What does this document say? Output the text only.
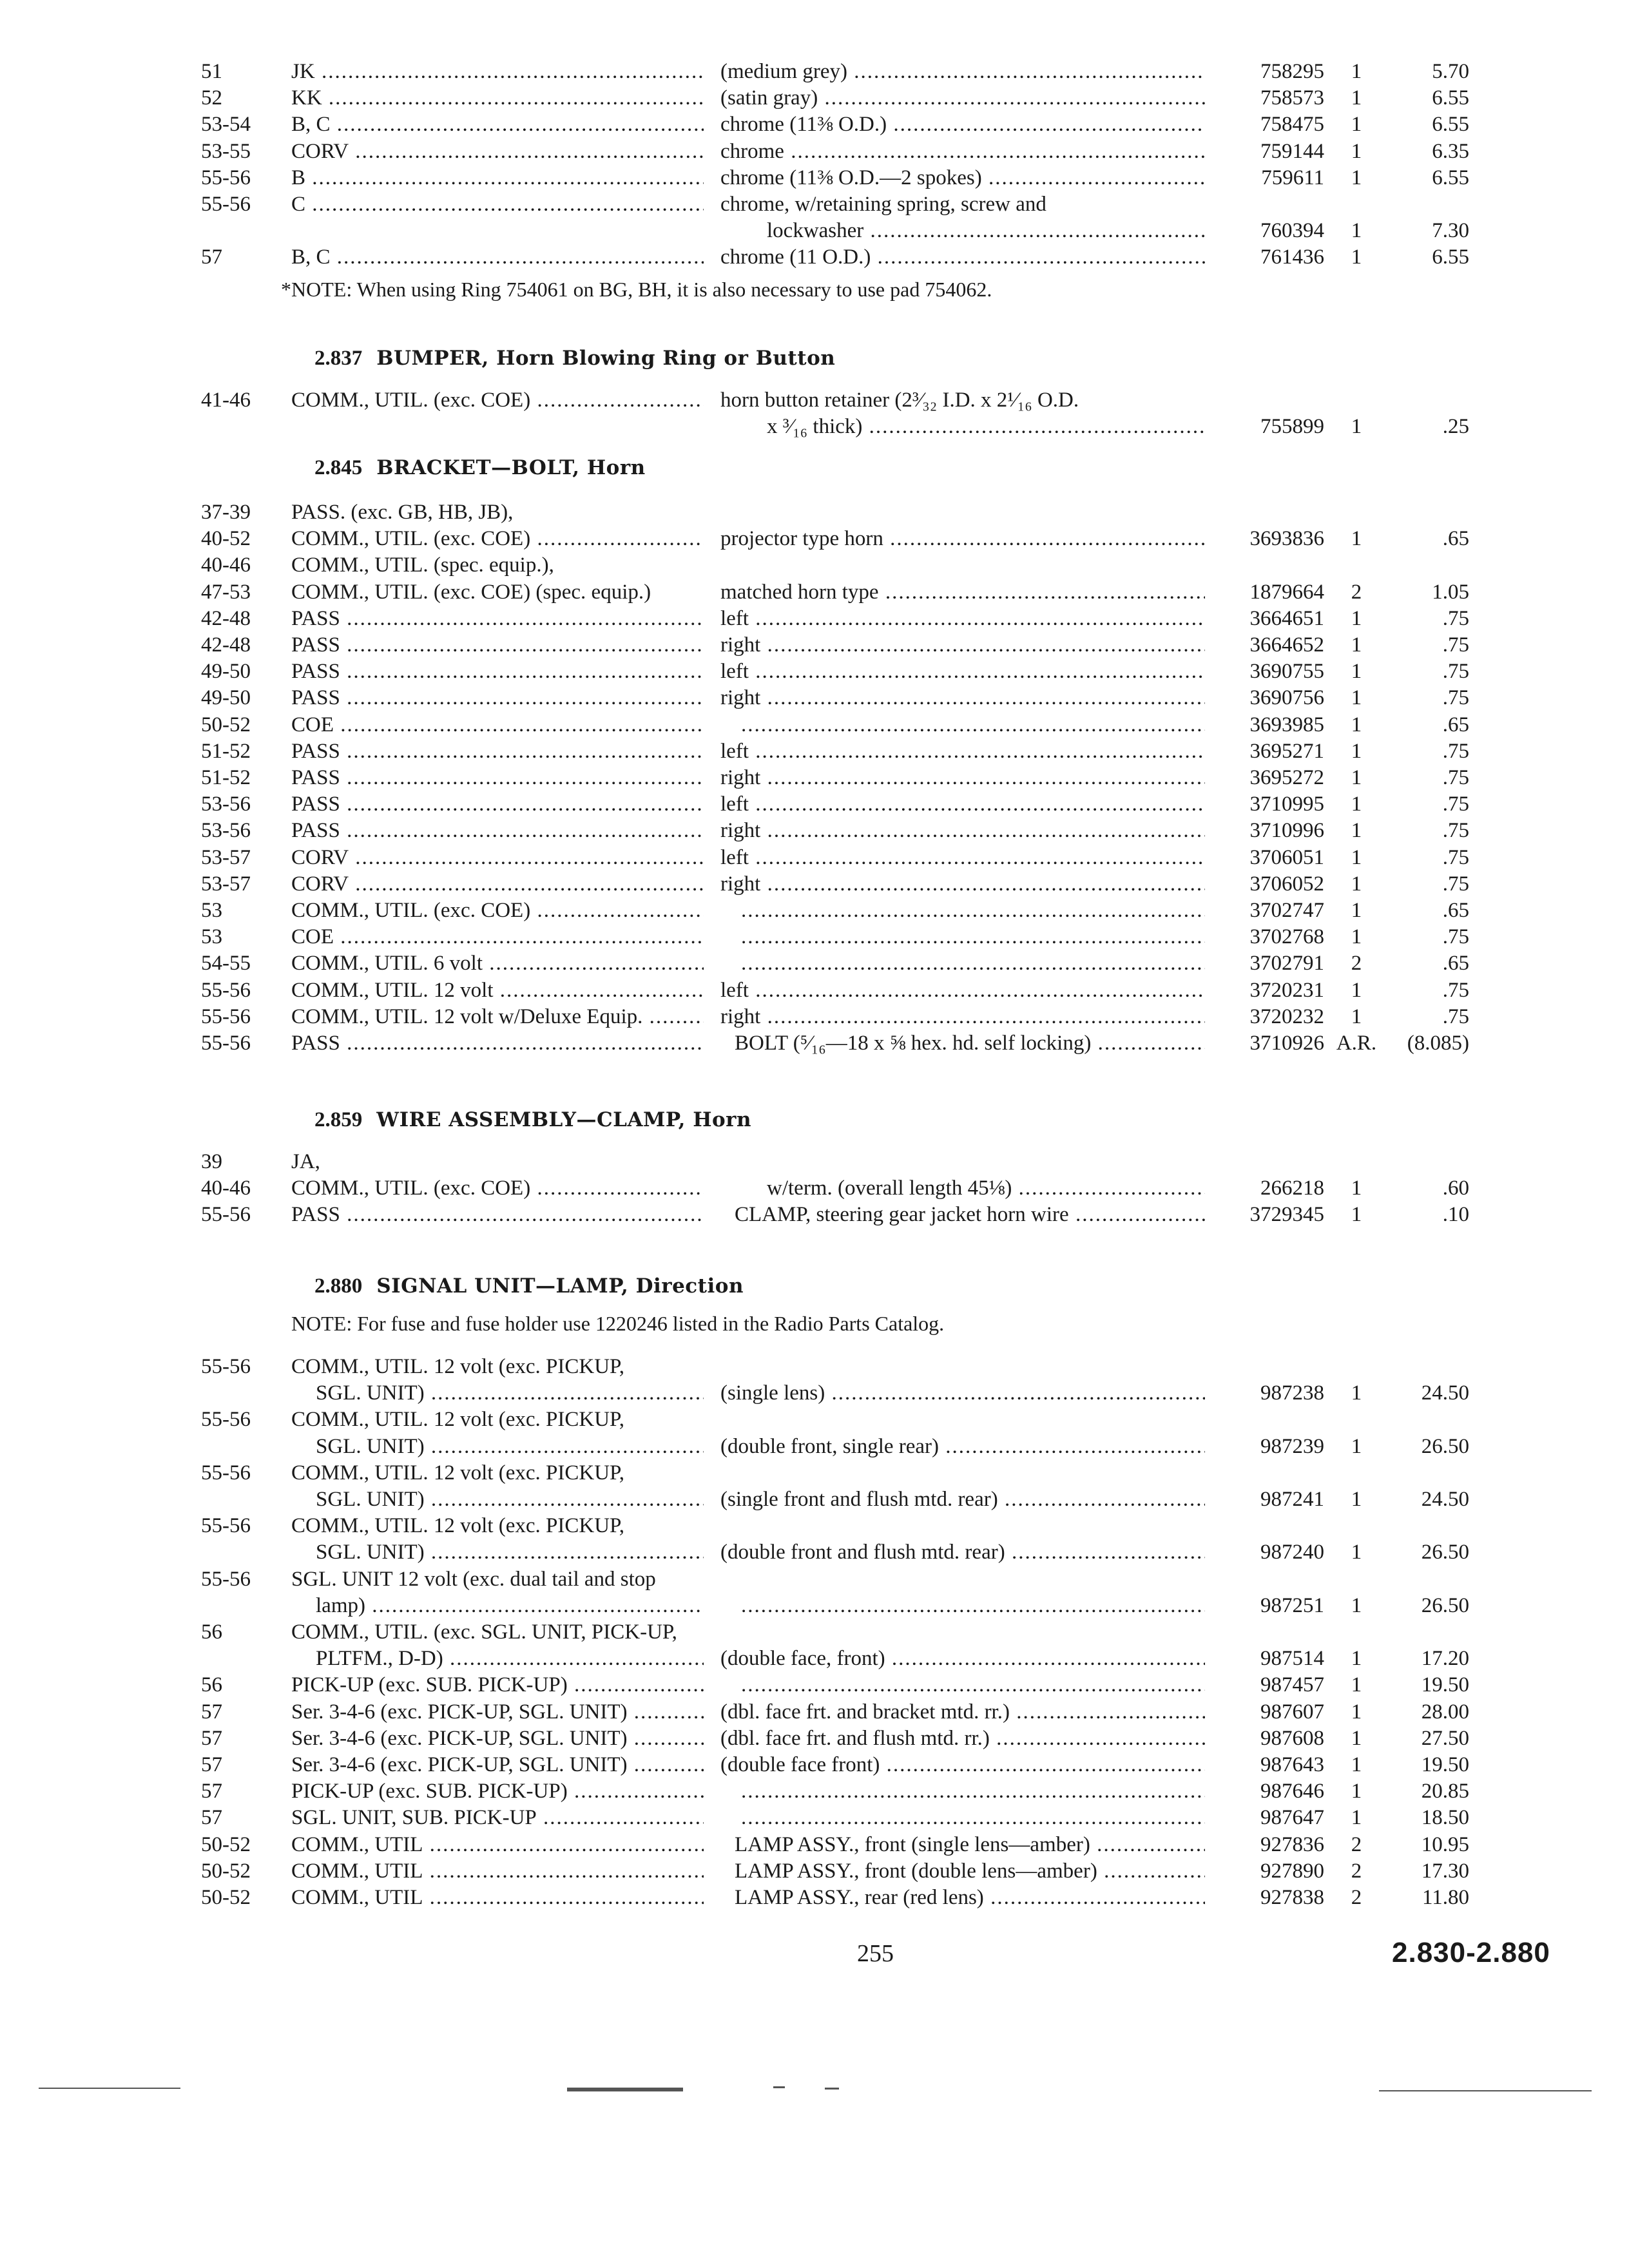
51	JK .....	(medium grey) .....	758295	1	5.70
52	KK .....	(satin gray) .....	758573	1	6.55
53-54	B, C .....	chrome (11⅜ O.D.) .....	758475	1	6.55
53-55	CORV .....	chrome .....	759144	1	6.35
55-56	B .....	chrome (11⅜ O.D.—2 spokes) .....	759611	1	6.55
55-56	C .....	chrome, w/retaining spring, screw and
lockwasher .....	760394	1	7.30
57	B, C .....	chrome (11 O.D.) .....	761436	1	6.55
*NOTE: When using Ring 754061 on BG, BH, it is also necessary to use pad 754062.
2.837 BUMPER, Horn Blowing Ring or Button
41-46	COMM., UTIL. (exc. COE) .....	horn button retainer (2³⁄₃₂ I.D. x 2¹⁄₁₆ O.D.
x ³⁄₁₆ thick) .....	755899	1	.25
2.845 BRACKET—BOLT, Horn
37-39	PASS. (exc. GB, HB, JB),
40-52	COMM., UTIL. (exc. COE) .....	projector type horn .....	3693836	1	.65
40-46	COMM., UTIL. (spec. equip.),
47-53	COMM., UTIL. (exc. COE) (spec. equip.)	matched horn type .....	1879664	2	1.05
42-48	PASS .....	left .....	3664651	1	.75
42-48	PASS .....	right .....	3664652	1	.75
49-50	PASS .....	left .....	3690755	1	.75
49-50	PASS .....	right .....	3690756	1	.75
50-52	COE ..... .....	3693985	1	.65
51-52	PASS .....	left .....	3695271	1	.75
51-52	PASS .....	right .....	3695272	1	.75
53-56	PASS .....	left .....	3710995	1	.75
53-56	PASS .....	right .....	3710996	1	.75
53-57	CORV .....	left .....	3706051	1	.75
53-57	CORV .....	right .....	3706052	1	.75
53	COMM., UTIL. (exc. COE) ..... .....	3702747	1	.65
53	COE ..... .....	3702768	1	.75
54-55	COMM., UTIL. 6 volt ..... .....	3702791	2	.65
55-56	COMM., UTIL. 12 volt .....	left .....	3720231	1	.75
55-56	COMM., UTIL. 12 volt w/Deluxe Equip. .....	right .....	3720232	1	.75
55-56	PASS .....	BOLT (⁵⁄₁₆—18 x ⅝ hex. hd. self locking) .....	3710926 A.R.	(8.085)
2.859 WIRE ASSEMBLY—CLAMP, Horn
39	JA,
40-46	COMM., UTIL. (exc. COE) .....	w/term. (overall length 45⅛) .....	266218	1	.60
55-56	PASS .....	CLAMP, steering gear jacket horn wire .....	3729345	1	.10
2.880 SIGNAL UNIT—LAMP, Direction
NOTE: For fuse and fuse holder use 1220246 listed in the Radio Parts Catalog.
55-56	COMM., UTIL. 12 volt (exc. PICKUP,
SGL. UNIT) .....	(single lens) .....	987238	1	24.50
55-56	COMM., UTIL. 12 volt (exc. PICKUP,
SGL. UNIT) .....	(double front, single rear) .....	987239	1	26.50
55-56	COMM., UTIL. 12 volt (exc. PICKUP,
SGL. UNIT) .....	(single front and flush mtd. rear) .....	987241	1	24.50
55-56	COMM., UTIL. 12 volt (exc. PICKUP,
SGL. UNIT) .....	(double front and flush mtd. rear) .....	987240	1	26.50
55-56	SGL. UNIT 12 volt (exc. dual tail and stop
lamp) ..... .....	987251	1	26.50
56	COMM., UTIL. (exc. SGL. UNIT, PICK-UP,
PLTFM., D-D) .....	(double face, front) .....	987514	1	17.20
56	PICK-UP (exc. SUB. PICK-UP) ..... .....	987457	1	19.50
57	Ser. 3-4-6 (exc. PICK-UP, SGL. UNIT) .....	(dbl. face frt. and bracket mtd. rr.) .....	987607	1	28.00
57	Ser. 3-4-6 (exc. PICK-UP, SGL. UNIT) .....	(dbl. face frt. and flush mtd. rr.) .....	987608	1	27.50
57	Ser. 3-4-6 (exc. PICK-UP, SGL. UNIT) .....	(double face front) .....	987643	1	19.50
57	PICK-UP (exc. SUB. PICK-UP) ..... .....	987646	1	20.85
57	SGL. UNIT, SUB. PICK-UP ..... .....	987647	1	18.50
50-52	COMM., UTIL .....	LAMP ASSY., front (single lens—amber) .....	927836	2	10.95
50-52	COMM., UTIL .....	LAMP ASSY., front (double lens—amber) .....	927890	2	17.30
50-52	COMM., UTIL .....	LAMP ASSY., rear (red lens) .....	927838	2	11.80
255	2.830-2.880
